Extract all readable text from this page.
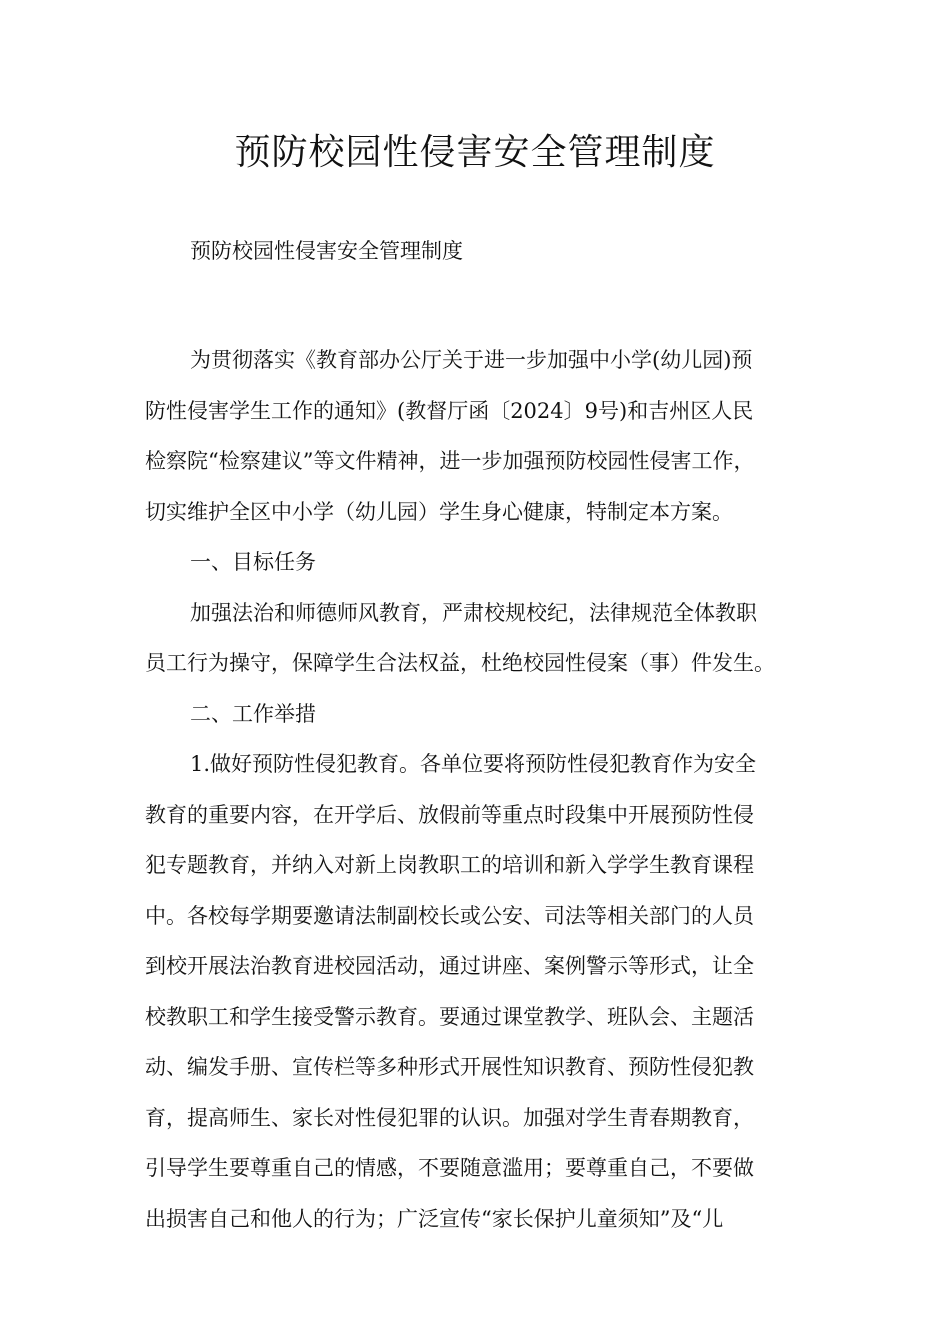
预防校园性侵害安全管理制度

预防校园性侵害安全管理制度

为贯彻落实《教育部办公厅关于进一步加强中小学(幼儿园)预
防性侵害学生工作的通知》(教督厅函〔2024〕9号)和吉州区人民
检察院“检察建议”等文件精神，进一步加强预防校园性侵害工作，
切实维护全区中小学（幼儿园）学生身心健康，特制定本方案。

一、目标任务

加强法治和师德师风教育，严肃校规校纪，法律规范全体教职
员工行为操守，保障学生合法权益，杜绝校园性侵案（事）件发生。

二、工作举措

1.做好预防性侵犯教育。各单位要将预防性侵犯教育作为安全
教育的重要内容，在开学后、放假前等重点时段集中开展预防性侵
犯专题教育，并纳入对新上岗教职工的培训和新入学学生教育课程
中。各校每学期要邀请法制副校长或公安、司法等相关部门的人员
到校开展法治教育进校园活动，通过讲座、案例警示等形式，让全
校教职工和学生接受警示教育。要通过课堂教学、班队会、主题活
动、编发手册、宣传栏等多种形式开展性知识教育、预防性侵犯教
育，提高师生、家长对性侵犯罪的认识。加强对学生青春期教育，
引导学生要尊重自己的情感，不要随意滥用；要尊重自己，不要做
出损害自己和他人的行为；广泛宣传“家长保护儿童须知”及“儿
